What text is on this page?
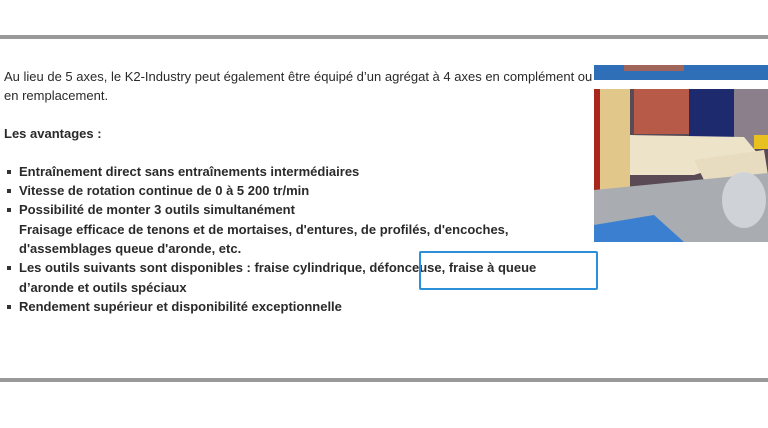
Au lieu de 5 axes, le K2-Industry peut également être équipé d’un agrégat à 4 axes en complément ou en remplacement.

Les avantages :

Entraînement direct sans entraînements intermédiaires
Vitesse de rotation continue de 0 à 5 200 tr/min
Possibilité de monter 3 outils simultanément
Fraisage efficace de tenons et de mortaises, d'entures, de profilés, d'encoches, d'assemblages queue d'aronde, etc.
Les outils suivants sont disponibles : fraise cylindrique, défonceuse, fraise à queue d’aronde et outils spéciaux
Rendement supérieur et disponibilité exceptionnelle
